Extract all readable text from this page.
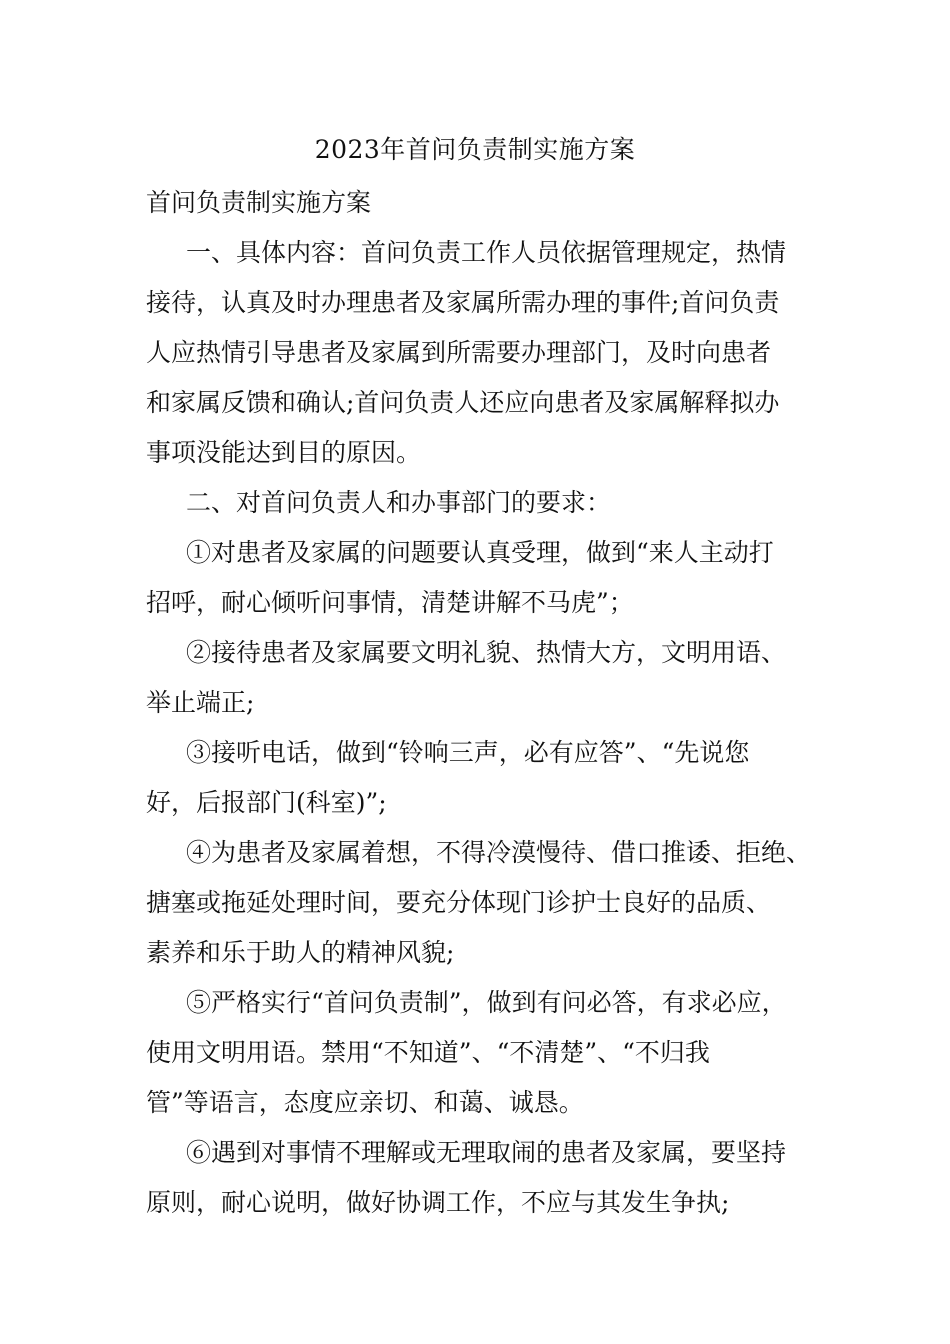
2023年首问负责制实施方案
首问负责制实施方案
一、具体内容：首问负责工作人员依据管理规定，热情
接待，认真及时办理患者及家属所需办理的事件;首问负责
人应热情引导患者及家属到所需要办理部门，及时向患者
和家属反馈和确认;首问负责人还应向患者及家属解释拟办
事项没能达到目的原因。
二、对首问负责人和办事部门的要求：
①对患者及家属的问题要认真受理，做到“来人主动打
招呼，耐心倾听问事情，清楚讲解不马虎”；
②接待患者及家属要文明礼貌、热情大方，文明用语、
举止端正;
③接听电话，做到“铃响三声，必有应答”、“先说您
好，后报部门(科室)”;
④为患者及家属着想，不得冷漠慢待、借口推诿、拒绝、
搪塞或拖延处理时间，要充分体现门诊护士良好的品质、
素养和乐于助人的精神风貌;
⑤严格实行“首问负责制”，做到有问必答，有求必应，
使用文明用语。禁用“不知道”、“不清楚”、“不归我
管”等语言，态度应亲切、和蔼、诚恳。
⑥遇到对事情不理解或无理取闹的患者及家属，要坚持
原则，耐心说明，做好协调工作，不应与其发生争执;
